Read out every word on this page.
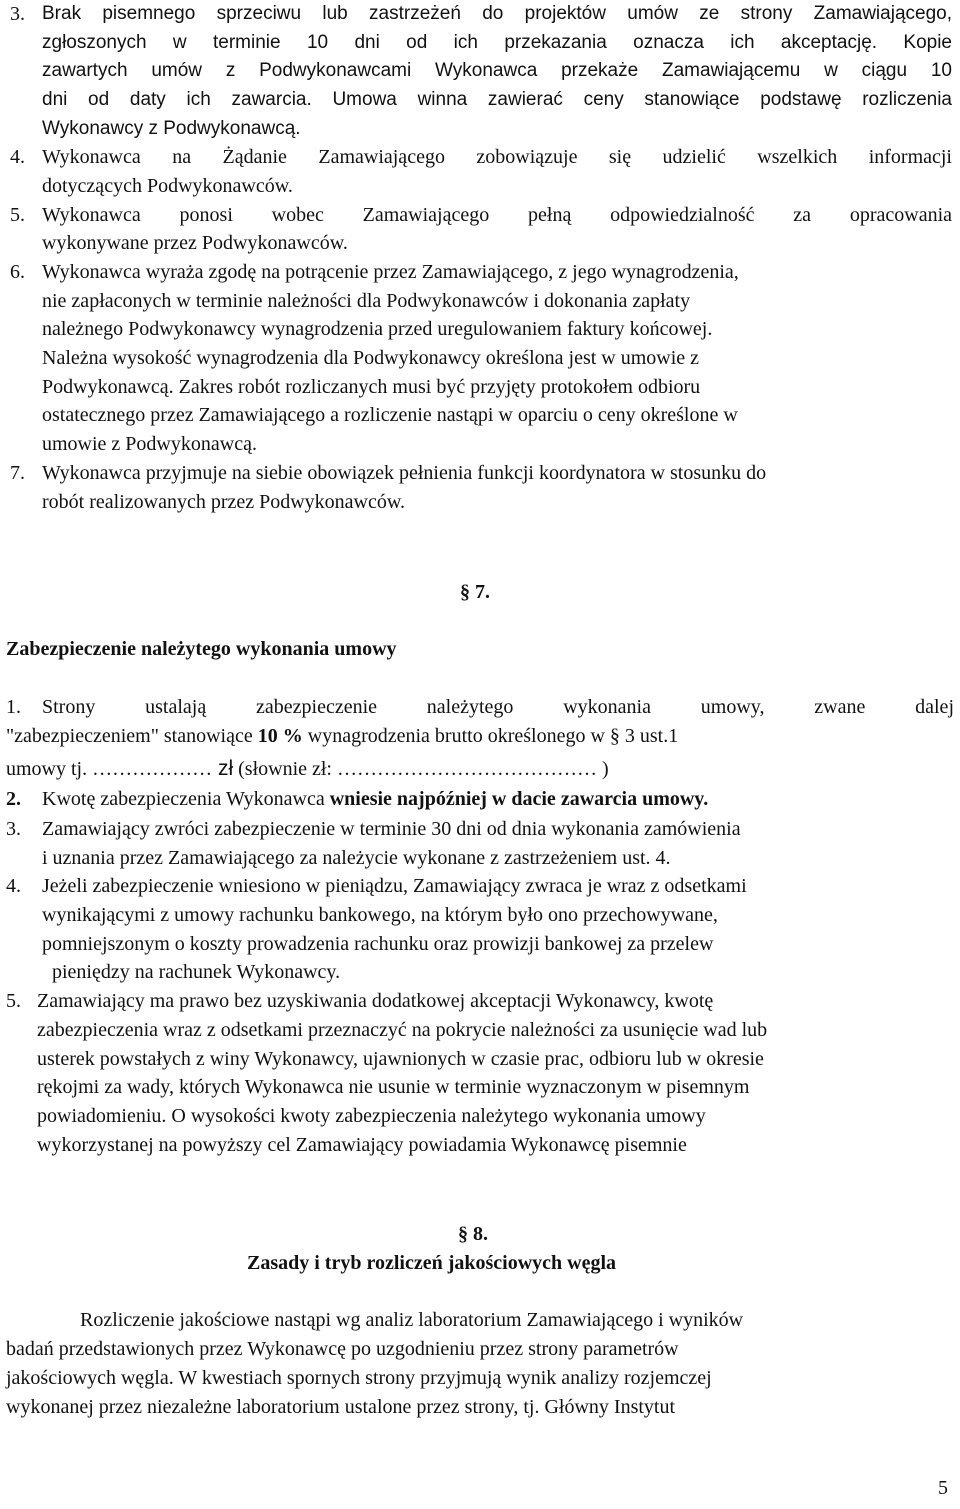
3. Brak pisemnego sprzeciwu lub zastrzeżeń do projektów umów ze strony Zamawiającego,
zgłoszonych w terminie 10 dni od ich przekazania oznacza ich akceptację. Kopie
zawartych umów z Podwykonawcami Wykonawca przekaże Zamawiającemu w ciągu 10
dni od daty ich zawarcia. Umowa winna zawierać ceny stanowiące podstawę rozliczenia
Wykonawcy z Podwykonawcą.
4. Wykonawca na Żądanie Zamawiającego zobowiązuje się udzielić wszelkich informacji
dotyczących Podwykonawców.
5. Wykonawca ponosi wobec Zamawiającego pełną odpowiedzialność za opracowania
wykonywane przez Podwykonawców.
6. Wykonawca wyraża zgodę na potrącenie przez Zamawiającego, z jego wynagrodzenia,
nie zapłaconych w terminie należności dla Podwykonawców i dokonania zapłaty
należnego Podwykonawcy wynagrodzenia przed uregulowaniem faktury końcowej.
Należna wysokość wynagrodzenia dla Podwykonawcy określona jest w umowie z
Podwykonawcą. Zakres robót rozliczanych musi być przyjęty protokołem odbioru
ostatecznego przez Zamawiającego a rozliczenie nastąpi w oparciu o ceny określone w
umowie z Podwykonawcą.
7. Wykonawca przyjmuje na siebie obowiązek pełnienia funkcji koordynatora w stosunku do
robót realizowanych przez Podwykonawców.
§ 7.
Zabezpieczenie należytego wykonania umowy
1. Strony ustalają zabezpieczenie należytego wykonania umowy, zwane dalej
"zabezpieczeniem" stanowiące 10 % wynagrodzenia brutto określonego w § 3 ust.1
umowy tj. ……………… zł (słownie zł: ………………………………… )
2. Kwotę zabezpieczenia Wykonawca wniesie najpóźniej w dacie zawarcia umowy.
3. Zamawiający zwróci zabezpieczenie w terminie 30 dni od dnia wykonania zamówienia
i uznania przez Zamawiającego za należycie wykonane z zastrzeżeniem ust. 4.
4. Jeżeli zabezpieczenie wniesiono w pieniądzu, Zamawiający zwraca je wraz z odsetkami
wynikającymi z umowy rachunku bankowego, na którym było ono przechowywane,
pomniejszonym o koszty prowadzenia rachunku oraz prowizji bankowej za przelew
pieniędzy na rachunek Wykonawcy.
5. Zamawiający ma prawo bez uzyskiwania dodatkowej akceptacji Wykonawcy, kwotę
zabezpieczenia wraz z odsetkami przeznaczyć na pokrycie należności za usunięcie wad lub
usterek powstałych z winy Wykonawcy, ujawnionych w czasie prac, odbioru lub w okresie
rękojmi za wady, których Wykonawca nie usunie w terminie wyznaczonym w pisemnym
powiadomieniu. O wysokości kwoty zabezpieczenia należytego wykonania umowy
wykorzystanej na powyższy cel Zamawiający powiadamia Wykonawcę pisemnie
§ 8.
Zasady i tryb rozliczeń jakościowych węgla
Rozliczenie jakościowe nastąpi wg analiz laboratorium Zamawiającego i wyników
badań przedstawionych przez Wykonawcę po uzgodnieniu przez strony parametrów
jakościowych węgla. W kwestiach spornych strony przyjmują wynik analizy rozjemczej
wykonanej przez niezależne laboratorium ustalone przez strony, tj. Główny Instytut
5
